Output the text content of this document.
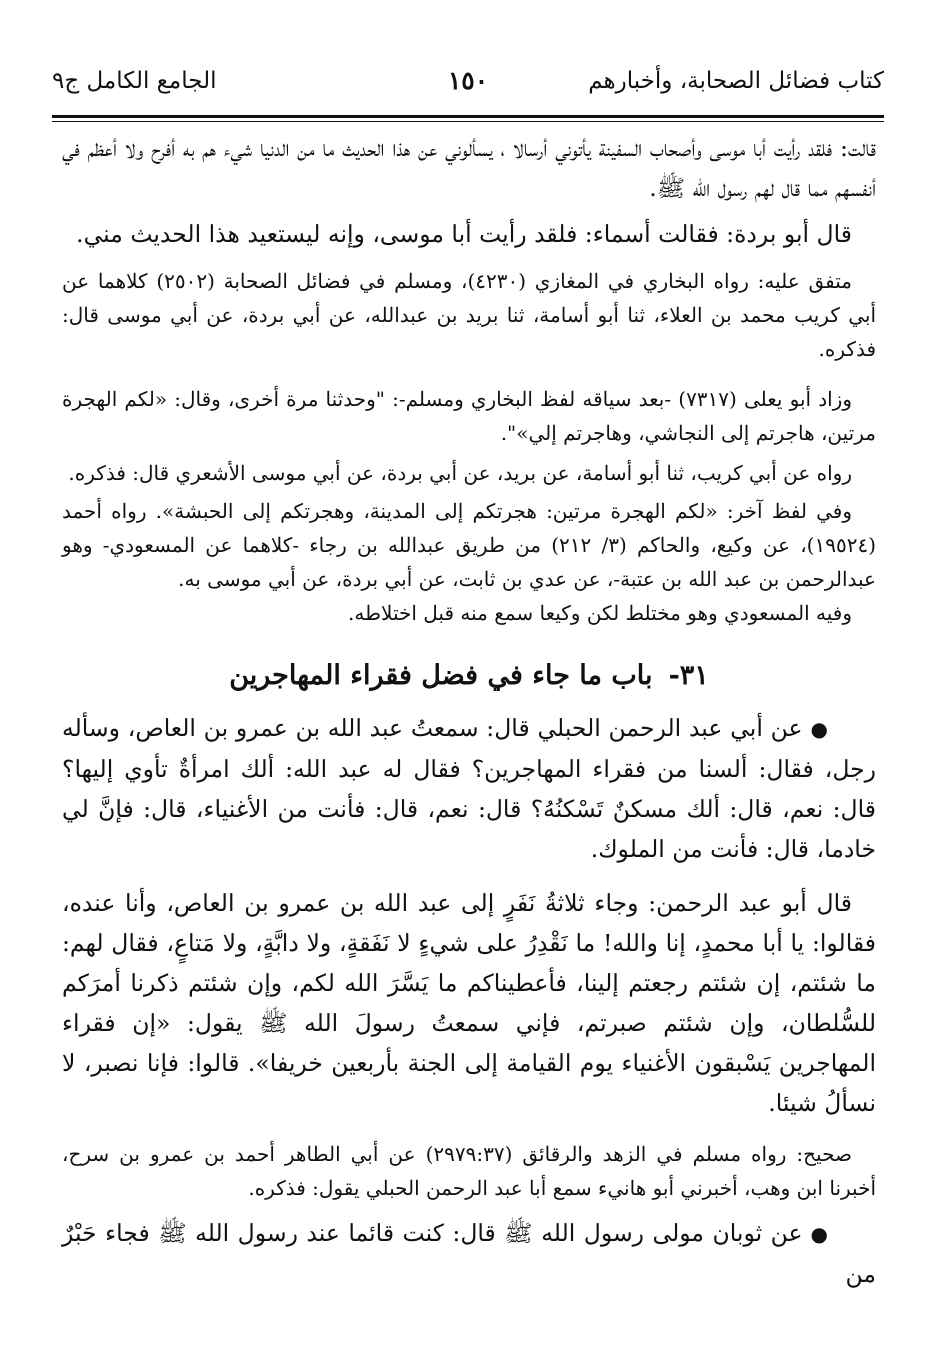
كتاب فضائل الصحابة، وأخبارهم
١٥٠
الجامع الكامل ج٩

قالت: فلقد رأيت أبا موسى وأصحاب السفينة يأتوني أرسالا ، يسألوني عن هذا الحديث ما من الدنيا شيء هم به أفرح ولا أعظم في أنفسهم مما قال لهم رسول الله ﷺ.

قال أبو بردة: فقالت أسماء: فلقد رأيت أبا موسى، وإنه ليستعيد هذا الحديث مني.

متفق عليه: رواه البخاري في المغازي (٤٢٣٠)، ومسلم في فضائل الصحابة (٢٥٠٢) كلاهما عن أبي كريب محمد بن العلاء، ثنا أبو أسامة، ثنا بريد بن عبدالله، عن أبي بردة، عن أبي موسى قال: فذكره.

وزاد أبو يعلى (٧٣١٧) -بعد سياقه لفظ البخاري ومسلم-: "وحدثنا مرة أخرى، وقال: «لكم الهجرة مرتين، هاجرتم إلى النجاشي، وهاجرتم إلي»".

رواه عن أبي كريب، ثنا أبو أسامة، عن بريد، عن أبي بردة، عن أبي موسى الأشعري قال: فذكره.

وفي لفظ آخر: «لكم الهجرة مرتين: هجرتكم إلى المدينة، وهجرتكم إلى الحبشة». رواه أحمد (١٩٥٢٤)، عن وكيع، والحاكم (٣/ ٢١٢) من طريق عبدالله بن رجاء -كلاهما عن المسعودي- وهو عبدالرحمن بن عبد الله بن عتبة-، عن عدي بن ثابت، عن أبي بردة، عن أبي موسى به.

وفيه المسعودي وهو مختلط لكن وكيعا سمع منه قبل اختلاطه.

٣١-باب ما جاء في فضل فقراء المهاجرين

●عن أبي عبد الرحمن الحبلي قال: سمعتُ عبد الله بن عمرو بن العاص، وسأله رجل، فقال: ألسنا من فقراء المهاجرين؟ فقال له عبد الله: ألك امرأةٌ تأوي إليها؟ قال: نعم، قال: ألك مسكنٌ تَسْكنُهُ؟ قال: نعم، قال: فأنت من الأغنياء، قال: فإنَّ لي خادما، قال: فأنت من الملوك.

قال أبو عبد الرحمن: وجاء ثلاثةُ نَفَرٍ إلى عبد الله بن عمرو بن العاص، وأنا عنده، فقالوا: يا أبا محمدٍ، إنا والله! ما نَقْدِرُ على شيءٍ لا نَفَقةٍ، ولا دابَّةٍ، ولا مَتاعٍ، فقال لهم: ما شئتم، إن شئتم رجعتم إلينا، فأعطيناكم ما يَسَّرَ الله لكم، وإن شئتم ذكرنا أمرَكم للسُّلطان، وإن شئتم صبرتم، فإني سمعتُ رسولَ الله ﷺ يقول: «إن فقراء المهاجرين يَسْبقون الأغنياء يوم القيامة إلى الجنة بأربعين خريفا». قالوا: فإنا نصبر، لا نسألُ شيئا.

صحيح: رواه مسلم في الزهد والرقائق (٢٩٧٩:٣٧) عن أبي الطاهر أحمد بن عمرو بن سرح، أخبرنا ابن وهب، أخبرني أبو هانيء سمع أبا عبد الرحمن الحبلي يقول: فذكره.

●عن ثوبان مولى رسول الله ﷺ قال: كنت قائما عند رسول الله ﷺ فجاء حَبْرٌ من
